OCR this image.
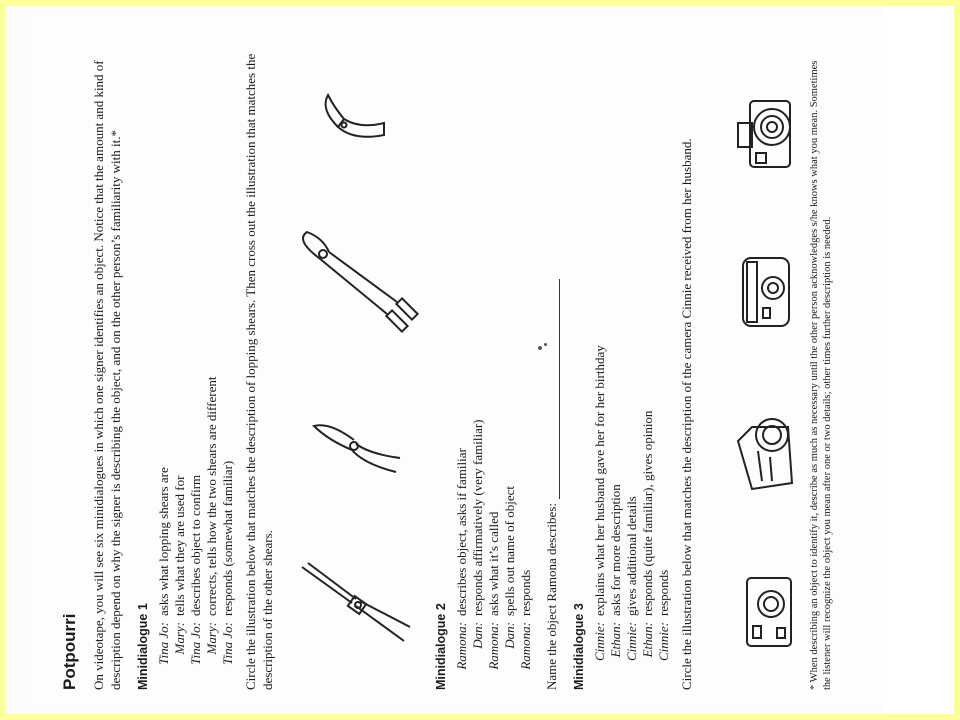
Potpourri On videotape, you will see six minidialogues in which one signer identifies an object. Notice that the amount and kind of description depend on why the signer is describing the object, and on the other person’s familiarity with it.* Minidialogue 1 Tina Jo:
asks what lopping shears are
Mary:
tells what they are used for
Tina Jo:
describes object to confirm
Mary:
corrects, tells how the two shears are different
Tina Jo:
responds (somewhat familiar) Circle the illustration below that matches the description of lopping shears. Then cross out the illustration that matches the description of the other shears.	Minidialogue 2 Ramona:
describes object, asks if familiar
Dan:
responds affirmatively (very familiar)
Ramona:
asks what it’s called
Dan:
spells out name of object
Ramona:
responds Name the object Ramona describes: Minidialogue 3 Cinnie:
explains what her husband gave her for her birthday
Ethan:
asks for more description
Cinnie:
gives additional details
Ethan:
responds (quite familiar), gives opinion
Cinnie:
responds Circle the illustration below that matches the description of the camera Cinnie received from her husband.	* When describing an object to identify it, describe as much as necessary until the other person acknowledges s/he knows what you mean. Sometimes the listener will recognize the object you mean after one or two details; other times further description is needed.
